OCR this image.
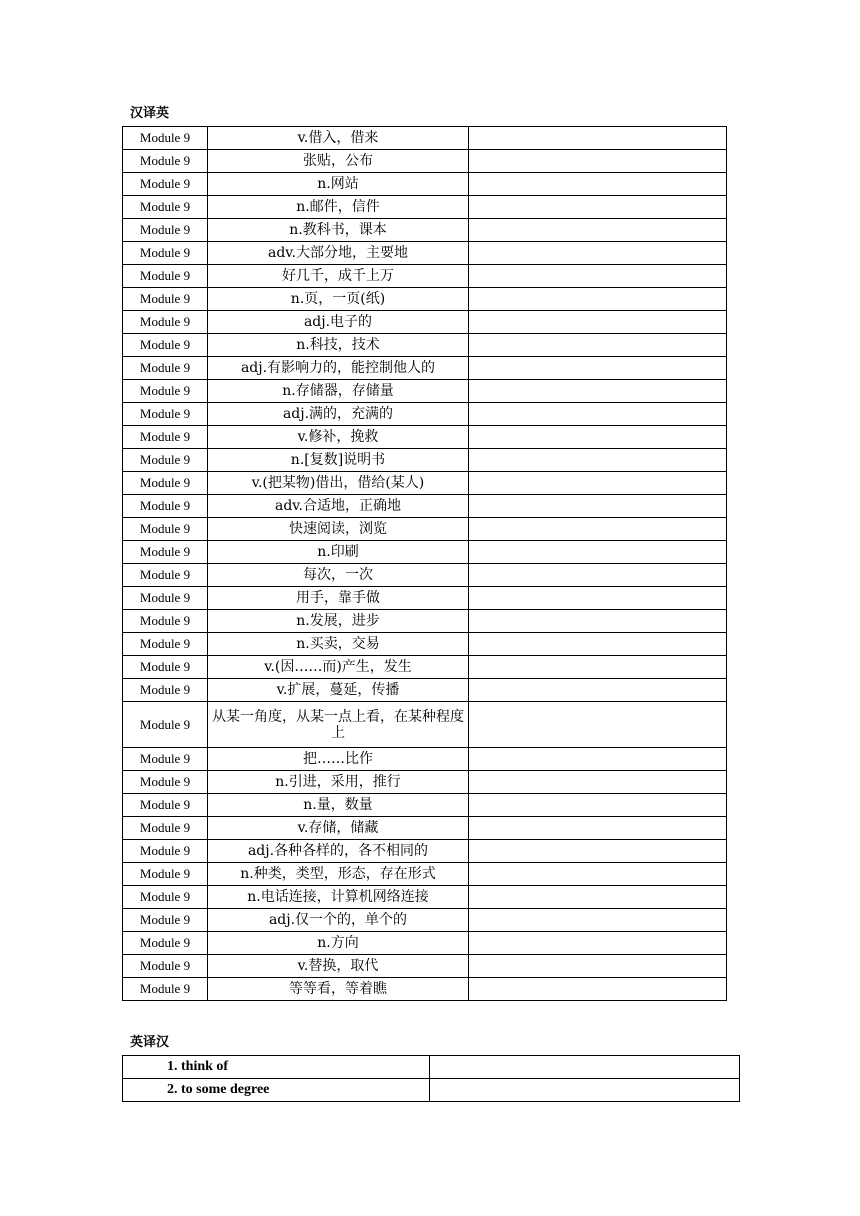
汉译英
Module 9	v.借入，借来	
Module 9	张贴，公布	
Module 9	n.网站	
Module 9	n.邮件，信件	
Module 9	n.教科书，课本	
Module 9	adv.大部分地，主要地	
Module 9	好几千，成千上万	
Module 9	n.页，一页(纸)	
Module 9	adj.电子的	
Module 9	n.科技，技术	
Module 9	adj.有影响力的，能控制他人的	
Module 9	n.存储器，存储量	
Module 9	adj.满的，充满的	
Module 9	v.修补，挽救	
Module 9	n.[复数]说明书	
Module 9	v.(把某物)借出，借给(某人)	
Module 9	adv.合适地，正确地	
Module 9	快速阅读，浏览	
Module 9	n.印刷	
Module 9	每次，一次	
Module 9	用手，靠手做	
Module 9	n.发展，进步	
Module 9	n.买卖，交易	
Module 9	v.(因……而)产生，发生	
Module 9	v.扩展，蔓延，传播	
Module 9	从某一角度，从某一点上看，在某种程度上	
Module 9	把……比作	
Module 9	n.引进，采用，推行	
Module 9	n.量，数量	
Module 9	v.存储，储藏	
Module 9	adj.各种各样的，各不相同的	
Module 9	n.种类，类型，形态，存在形式	
Module 9	n.电话连接，计算机网络连接	
Module 9	adj.仅一个的，单个的	
Module 9	n.方向	
Module 9	v.替换，取代	
Module 9	等等看，等着瞧	
英译汉
1. think of	
2. to some degree	
